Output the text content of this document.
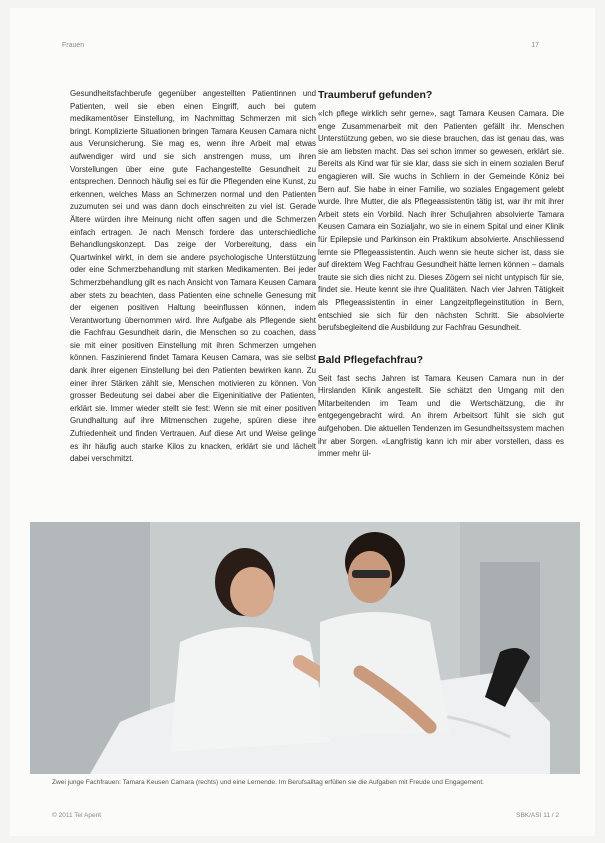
Frauen	17

Gesundheitsfachberufe gegenüber angestellten Patientinnen und Patienten, weil sie eben einen Eingriff, auch bei gutem medikamentöser Einstellung, im Nachmittag Schmerzen mit sich bringt. Komplizierte Situationen bringen Tamara Keusen Camara nicht aus Verunsicherung. Sie mag es, wenn ihre Arbeit mal etwas aufwendiger wird und sie sich anstrengen muss, um ihren Vorstellungen über eine gute Fachangestellte Gesundheit zu entsprechen. Dennoch häufig sei es für die Pflegenden eine Kunst, zu erkennen, welches Mass an Schmerzen normal und den Patienten zuzumuten sei und was dann doch einschreiten zu viel ist. Gerade Ältere würden ihre Meinung nicht offen sagen und die Schmerzen einfach ertragen. Je nach Mensch fordere das unterschiedliche Behandlungskonzept. Das zeige der Vorbereitung, dass ein Quartwinkel wirkt, in dem sie andere psychologische Unterstützung oder eine Schmerzbehandlung mit starken Medikamenten. Bei jeder Schmerzbehandlung gilt es nach Ansicht von Tamara Keusen Camara aber stets zu beachten, dass Patienten eine schnelle Genesung mit der eigenen positiven Haltung beeinflussen können, indem Verantwortung übernommen wird. Ihre Aufgabe als Pflegende sieht die Fachfrau Gesundheit darin, die Menschen so zu coachen, dass sie mit einer positiven Einstellung mit ihren Schmerzen umgehen können. Faszinierend findet Tamara Keusen Camara, was sie selbst dank ihrer eigenen Einstellung bei den Patienten bewirken kann. Zu einer ihrer Stärken zählt sie, Menschen motivieren zu können. Von grosser Bedeutung sei dabei aber die Eigeninitiative der Patienten, erklärt sie. Immer wieder stellt sie fest: Wenn sie mit einer positiven Grundhaltung auf ihre Mitmenschen zugehe, spüren diese ihre Zufriedenheit und finden Vertrauen. Auf diese Art und Weise gelinge es ihr häufig auch starke Kilos zu knacken, erklärt sie und lächelt dabei verschmitzt.

Traumberuf gefunden?

«Ich pflege wirklich sehr gerne», sagt Tamara Keusen Camara. Die enge Zusammenarbeit mit den Patienten gefällt ihr. Menschen Unterstützung geben, wo sie diese brauchen, das ist genau das, was sie am liebsten macht. Das sei schon immer so gewesen, erklärt sie. Bereits als Kind war für sie klar, dass sie sich in einem sozialen Beruf engagieren will. Sie wuchs in Schliern in der Gemeinde Köniz bei Bern auf. Sie habe in einer Familie, wo soziales Engagement gelebt wurde. Ihre Mutter, die als Pflegeassistentin tätig ist, war ihr mit ihrer Arbeit stets ein Vorbild. Nach ihrer Schuljahren absolvierte Tamara Keusen Camara ein Sozialjahr, wo sie in einem Spital und einer Klinik für Epilepsie und Parkinson ein Praktikum absolvierte. Anschliessend lernte sie Pflegeassistentin. Auch wenn sie heute sicher ist, dass sie auf direktem Weg Fachfrau Gesundheit hätte lernen können – damals traute sie sich dies nicht zu. Dieses Zögern sei nicht untypisch für sie, findet sie. Heute kennt sie ihre Qualitäten. Nach vier Jahren Tätigkeit als Pflegeassistentin in einer Langzeitpflegeinstitution in Bern, entschied sie sich für den nächsten Schritt. Sie absolvierte berufsbegleitend die Ausbildung zur Fachfrau Gesundheit.

Bald Pflegefachfrau?

Seit fast sechs Jahren ist Tamara Keusen Camara nun in der Hirslanden Klinik angestellt. Sie schätzt den Umgang mit den Mitarbeitenden im Team und die Wertschätzung, die ihr entgegengebracht wird. An ihrem Arbeitsort fühlt sie sich gut aufgehoben. Die aktuellen Tendenzen im Gesundheitssystem machen ihr aber Sorgen. «Langfristig kann ich mir aber vorstellen, dass es immer mehr ül-

Zwei junge Fachfrauen: Tamara Keusen Camara (rechts) und eine Lernende. Im Berufsalltag erfüllen sie die Aufgaben mit Freude und Engagement.
© 2011 Tel Aperit	SBK/ASI 11 / 2
